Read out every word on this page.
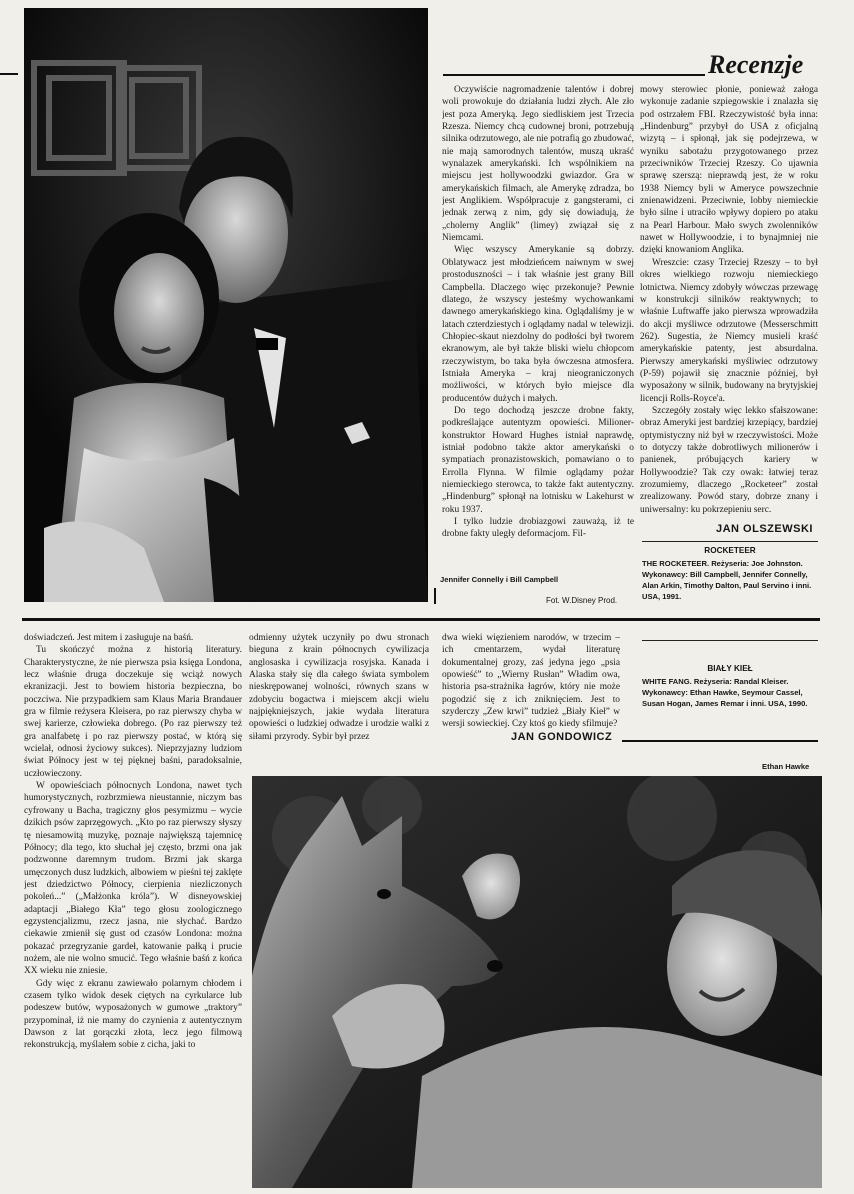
Recenzje

Oczywiście nagromadzenie talentów i dobrej woli prowokuje do działania ludzi złych. Ale zło jest poza Ameryką. Jego siedliskiem jest Trzecia Rzesza. Niemcy chcą cudownej broni, potrzebują silnika odrzutowego, ale nie potrafią go zbudować, nie mają samorodnych talentów, muszą ukraść wynalazek amerykański. Ich wspólnikiem na miejscu jest hollywoodzki gwiazdor. Gra w amerykańskich filmach, ale Amerykę zdradza, bo jest Anglikiem. Współpracuje z gangsterami, ci jednak zerwą z nim, gdy się dowiadują, że „cholerny Anglik” (limey) związał się z Niemcami.

Więc wszyscy Amerykanie są dobrzy. Oblatywacz jest młodzieńcem naiwnym w swej prostoduszności – i tak właśnie jest grany Bill Campbella. Dlaczego więc przekonuje? Pewnie dlatego, że wszyscy jesteśmy wychowankami dawnego amerykańskiego kina. Oglądaliśmy je w latach czterdziestych i oglądamy nadal w telewizji. Chłopiec-skaut niezdolny do podłości był tworem ekranowym, ale był także bliski wielu chłopcom rzeczywistym, bo taka była ówczesna atmosfera. Istniała Ameryka – kraj nieograniczonych możliwości, w których było miejsce dla producentów dużych i małych.

Do tego dochodzą jeszcze drobne fakty, podkreślające autentyzm opowieści. Milioner-konstruktor Howard Hughes istniał naprawdę, istniał podobno także aktor amerykański o sympatiach pronazistowskich, pomawiano o to Errolla Flynna. W filmie oglądamy pożar niemieckiego sterowca, to także fakt autentyczny. „Hindenburg” spłonął na lotnisku w Lakehurst w roku 1937.

I tylko ludzie drobiazgowi zauważą, iż te drobne fakty uległy deformacjom. Fil-

mowy sterowiec płonie, ponieważ załoga wykonuje zadanie szpiegowskie i znalazła się pod ostrzałem FBI. Rzeczywistość była inna: „Hindenburg” przybył do USA z oficjalną wizytą – i spłonął, jak się podejrzewa, w wyniku sabotażu przygotowanego przez przeciwników Trzeciej Rzeszy. Co ujawnia sprawę szerszą: nieprawdą jest, że w roku 1938 Niemcy byli w Ameryce powszechnie znienawidzeni. Przeciwnie, lobby niemieckie było silne i utraciło wpływy dopiero po ataku na Pearl Harbour. Mało swych zwolenników nawet w Hollywoodzie, i to bynajmniej nie dzięki knowaniom Anglika.

Wreszcie: czasy Trzeciej Rzeszy – to był okres wielkiego rozwoju niemieckiego lotnictwa. Niemcy zdobyły wówczas przewagę w konstrukcji silników reaktywnych; to właśnie Luftwaffe jako pierwsza wprowadziła do akcji myśliwce odrzutowe (Messerschmitt 262). Sugestia, że Niemcy musieli kraść amerykańskie patenty, jest absurdalna. Pierwszy amerykański myśliwiec odrzutowy (P-59) pojawił się znacznie później, był wyposażony w silnik, budowany na brytyjskiej licencji Rolls-Royce'a.

Szczegóły zostały więc lekko sfałszowane: obraz Ameryki jest bardziej krzepiący, bardziej optymistyczny niż był w rzeczywistości. Może to dotyczy także dobrotliwych milionerów i panienek, próbujących kariery w Hollywoodzie? Tak czy owak: łatwiej teraz zrozumiemy, dlaczego „Rocketeer” został zrealizowany. Powód stary, dobrze znany i uniwersalny: ku pokrzepieniu serc.

JAN OLSZEWSKI
ROCKETEER
THE ROCKETEER. Reżyseria: Joe Johnston. Wykonawcy: Bill Campbell, Jennifer Connelly, Alan Arkin, Timothy Dalton, Paul Servino i inni. USA, 1991.
Jennifer Connelly i Bill Campbell
Fot. W.Disney Prod.

doświadczeń. Jest mitem i zasługuje na baśń.

Tu skończyć można z historią literatury. Charakterystyczne, że nie pierwsza psia księga Londona, lecz właśnie druga doczekuje się wciąż nowych ekranizacji. Jest to bowiem historia bezpieczna, bo poczciwa. Nie przypadkiem sam Klaus Maria Brandauer gra w filmie reżysera Kleisera, po raz pierwszy chyba w swej karierze, człowieka dobrego. (Po raz pierwszy też gra analfabetę i po raz pierwszy postać, w którą się wcielał, odnosi życiowy sukces). Nieprzyjazny ludziom świat Północy jest w tej pięknej baśni, paradoksalnie, uczłowieczony.

W opowieściach północnych Londona, nawet tych humorystycznych, rozbrzmiewa nieustannie, niczym bas cyfrowany u Bacha, tragiczny głos pesymizmu – wycie dzikich psów zaprzęgowych. „Kto po raz pierwszy słyszy tę niesamowitą muzykę, poznaje największą tajemnicę Północy; dla tego, kto słuchał jej często, brzmi ona jak podzwonne daremnym trudom. Brzmi jak skarga umęczonych dusz ludzkich, albowiem w pieśni tej zaklęte jest dziedzictwo Północy, cierpienia niezliczonych pokoleń...” („Małżonka króla”). W disneyowskiej adaptacji „Białego Kła” tego głosu zoologicznego egzystencjalizmu, rzecz jasna, nie słychać. Bardzo ciekawie zmienił się gust od czasów Londona: można pokazać przegryzanie gardeł, katowanie pałką i prucie nożem, ale nie wolno smucić. Tego właśnie baśń z końca XX wieku nie zniesie.

Gdy więc z ekranu zawiewało polarnym chłodem i czasem tylko widok desek ciętych na cyrkularce lub podeszew butów, wyposażonych w gumowe „traktory” przypominał, iż nie mamy do czynienia z autentycznym Dawson z lat gorączki złota, lecz jego filmową rekonstrukcją, myślałem sobie z cicha, jaki to

odmienny użytek uczyniły po dwu stronach bieguna z krain północnych cywilizacja anglosaska i cywilizacja rosyjska. Kanada i Alaska stały się dla całego świata symbolem nieskrępowanej wolności, równych szans w zdobyciu bogactwa i miejscem akcji wielu najpiękniejszych, jakie wydała literatura opowieści o ludzkiej odwadze i urodzie walki z siłami przyrody. Sybir był przez

dwa wieki więzieniem narodów, w trzecim – ich cmentarzem, wydał literaturę dokumentalnej grozy, zaś jedyna jego „psia opowieść” to „Wierny Rusłan” Władim owa, historia psa-strażnika łagrów, który nie może pogodzić się z ich zniknięciem. Jest to szyderczy „Zew krwi” tudzież „Biały Kieł” w wersji sowieckiej. Czy ktoś go kiedy sfilmuje?

JAN GONDOWICZ
BIAŁY KIEŁ
WHITE FANG. Reżyseria: Randal Kleiser. Wykonawcy: Ethan Hawke, Seymour Cassel, Susan Hogan, James Remar i inni. USA, 1990.
Ethan Hawke
